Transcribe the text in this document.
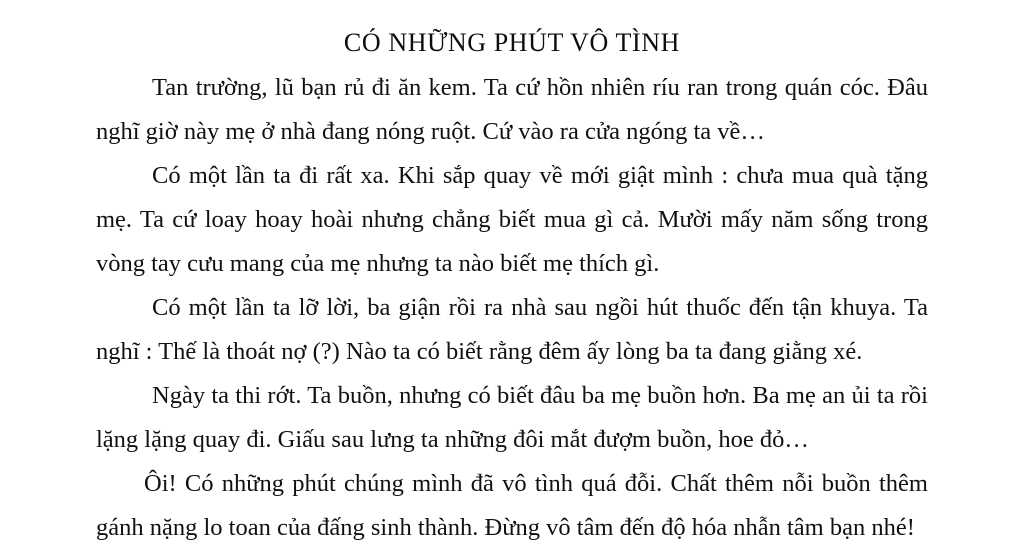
CÓ NHỮNG PHÚT VÔ TÌNH

Tan trường, lũ bạn rủ đi ăn kem. Ta cứ hồn nhiên ríu ran trong quán cóc. Đâu nghĩ giờ này mẹ ở nhà đang nóng ruột. Cứ vào ra cửa ngóng ta về…

Có một lần ta đi rất xa. Khi sắp quay về mới giật mình : chưa mua quà tặng mẹ. Ta cứ loay hoay hoài nhưng chẳng biết mua gì cả. Mười mấy năm sống trong vòng tay cưu mang của mẹ nhưng ta nào biết mẹ thích gì.

Có một lần ta lỡ lời, ba giận rồi ra nhà sau ngồi hút thuốc đến tận khuya. Ta nghĩ : Thế là thoát nợ (?) Nào ta có biết rằng đêm ấy lòng ba ta đang giằng xé.

Ngày ta thi rớt. Ta buồn, nhưng có biết đâu ba mẹ buồn hơn. Ba mẹ an ủi ta rồi lặng lặng quay đi. Giấu sau lưng ta những đôi mắt đượm buồn, hoe đỏ…

Ôi! Có những phút chúng mình đã vô tình quá đỗi. Chất thêm nỗi buồn thêm gánh nặng lo toan của đấng sinh thành. Đừng vô tâm đến độ hóa nhẫn tâm bạn nhé!
